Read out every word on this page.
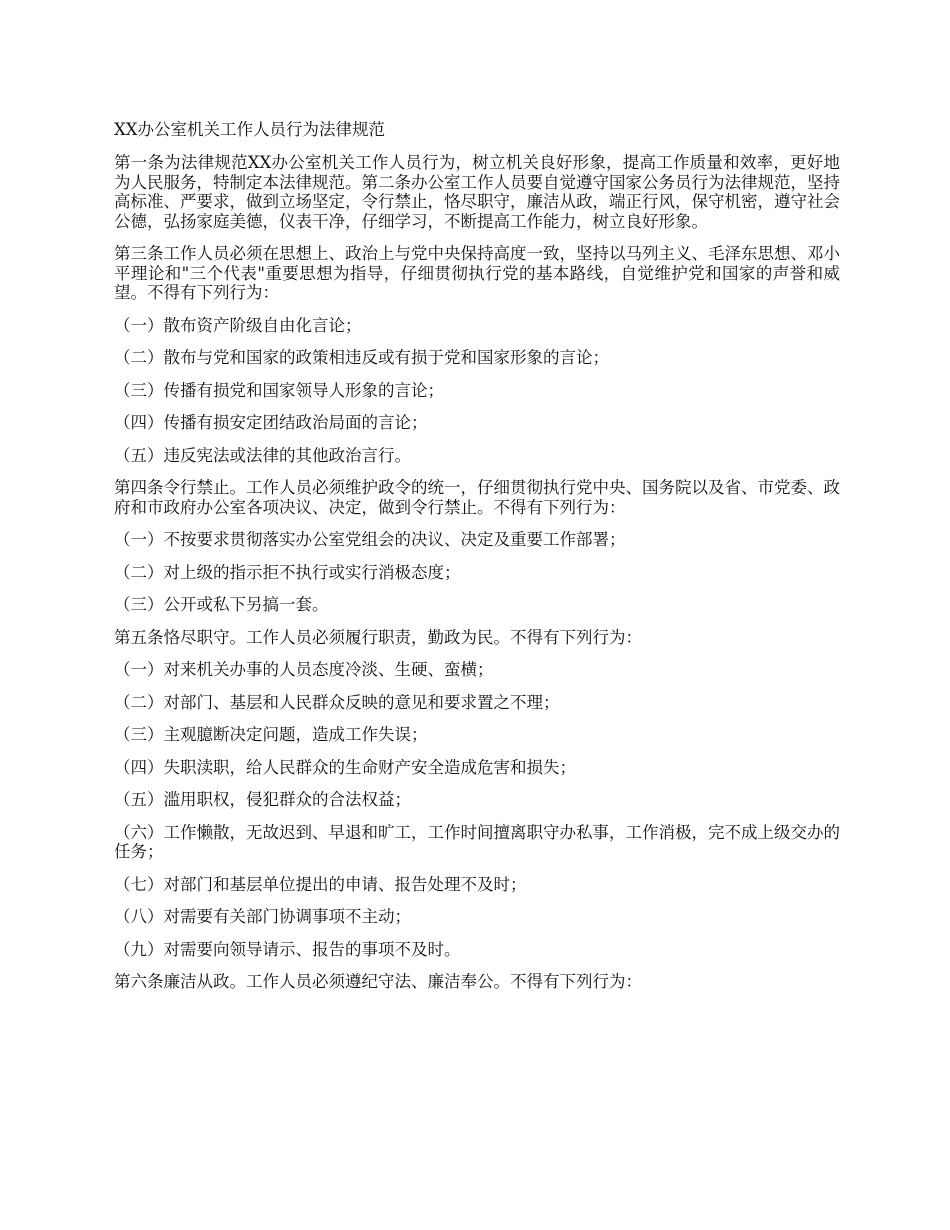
XX办公室机关工作人员行为法律规范

第一条为法律规范XX办公室机关工作人员行为，树立机关良好形象，提高工作质量和效率，更好地为人民服务，特制定本法律规范。第二条办公室工作人员要自觉遵守国家公务员行为法律规范，坚持高标准、严要求，做到立场坚定，令行禁止，恪尽职守，廉洁从政，端正行风，保守机密，遵守社会公德，弘扬家庭美德，仪表干净，仔细学习，不断提高工作能力，树立良好形象。

第三条工作人员必须在思想上、政治上与党中央保持高度一致，坚持以马列主义、毛泽东思想、邓小平理论和"三个代表"重要思想为指导，仔细贯彻执行党的基本路线，自觉维护党和国家的声誉和威望。不得有下列行为：

（一）散布资产阶级自由化言论；

（二）散布与党和国家的政策相违反或有损于党和国家形象的言论；

（三）传播有损党和国家领导人形象的言论；

（四）传播有损安定团结政治局面的言论；

（五）违反宪法或法律的其他政治言行。

第四条令行禁止。工作人员必须维护政令的统一，仔细贯彻执行党中央、国务院以及省、市党委、政府和市政府办公室各项决议、决定，做到令行禁止。不得有下列行为：

（一）不按要求贯彻落实办公室党组会的决议、决定及重要工作部署；

（二）对上级的指示拒不执行或实行消极态度；

（三）公开或私下另搞一套。

第五条恪尽职守。工作人员必须履行职责，勤政为民。不得有下列行为：

（一）对来机关办事的人员态度冷淡、生硬、蛮横；

（二）对部门、基层和人民群众反映的意见和要求置之不理；

（三）主观臆断决定问题，造成工作失误；

（四）失职渎职，给人民群众的生命财产安全造成危害和损失；

（五）滥用职权，侵犯群众的合法权益；

（六）工作懒散，无故迟到、早退和旷工，工作时间擅离职守办私事，工作消极，完不成上级交办的任务；

（七）对部门和基层单位提出的申请、报告处理不及时；

（八）对需要有关部门协调事项不主动；

（九）对需要向领导请示、报告的事项不及时。

第六条廉洁从政。工作人员必须遵纪守法、廉洁奉公。不得有下列行为：
